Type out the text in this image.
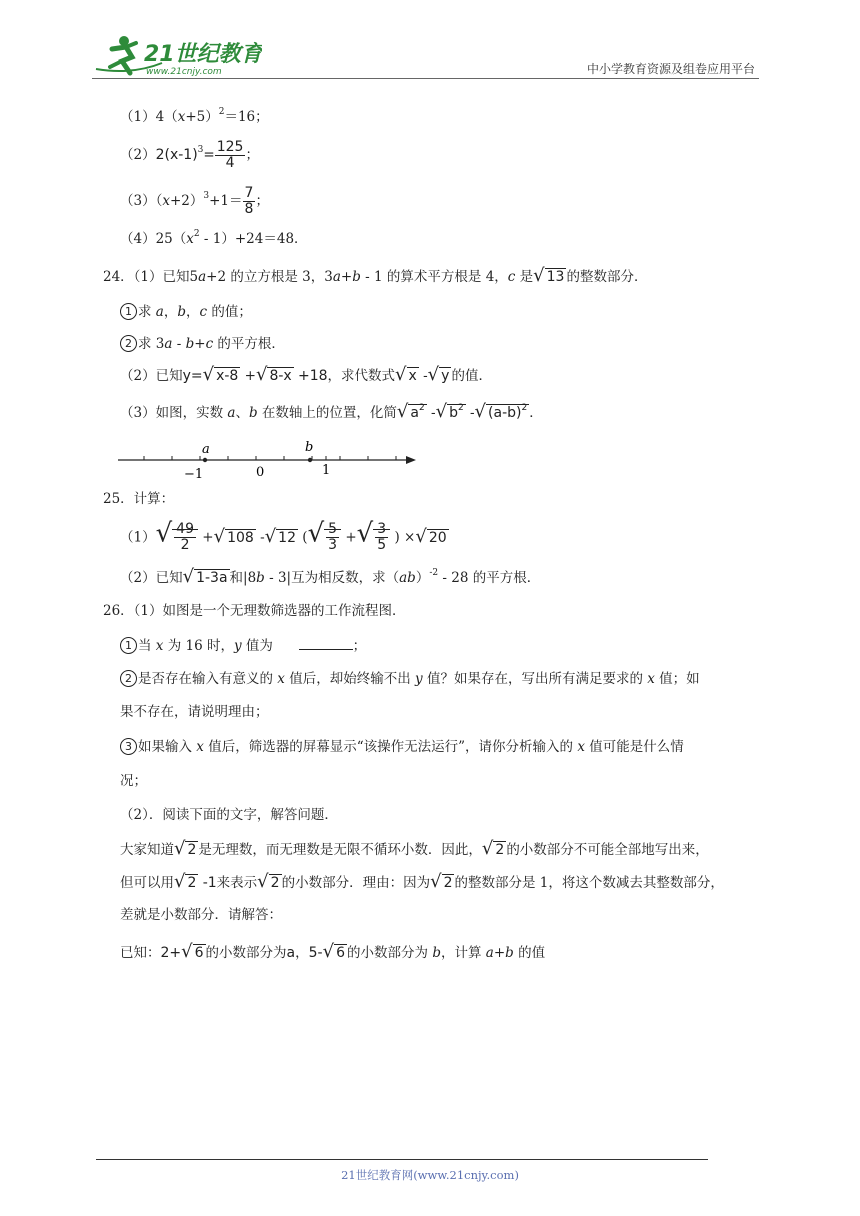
21世纪教育
www.21cnjy.com	中小学教育资源及组卷应用平台
$(1)4(x+5)^2=16$；
$(2)2(x-1)^3= \frac{125}{4}$ ；
$(3)(x+2)^3+1= \frac{7}{8}$ ；
$(4)25(x^2 - 1)+24=48$．
24．（1）已知5a+2 的立方根是 3，3a+b - 1 的算术平方根是 4，c 是√ 13 的整数部分．
1 求 a，b，c 的值；
2 求 3a - b+c 的平方根．
（2）已知y=√ x-8 +√ 8-x +18，求代数式√ x -√ y 的值．
（3）如图，实数 a、b 在数轴上的位置，化简√ $a^2$ -√ $b^2$ -√ $(a-b)^2$ ．
a	b
−1	0	1
25．计算：
$(1)√ \frac{49}{2}$ +√ 108 -√ 12 (√ $\frac{5}{3}$ +√ $\frac{3}{5}$ ) ×√ 20
（2）已知√ 1-3a 和|8b - 3|互为相反数，求（ab）$^{-2}$ - 28 的平方根．
26．（1）如图是一个无理数筛选器的工作流程图．
1 当 x 为 16 时，y 值为	；
2 是否存在输入有意义的 x 值后，却始终输不出 y 值？如果存在，写出所有满足要求的 x 值；如
果不存在，请说明理由；
3 如果输入 x 值后，筛选器的屏幕显示“该操作无法运行”，请你分析输入的 x 值可能是什么情
况；
（2）．阅读下面的文字，解答问题．
大家知道√ 2 是无理数，而无理数是无限不循环小数．因此，√ 2 的小数部分不可能全部地写出来，
但可以用√ 2 -1来表示√ 2 的小数部分．理由：因为√ 2 的整数部分是 1，将这个数减去其整数部分，
差就是小数部分．请解答：
已知：2+√ 6 的小数部分为a，5-√ 6 的小数部分为 b，计算 a+b 的值
21世纪教育网(www.21cnjy.com)
